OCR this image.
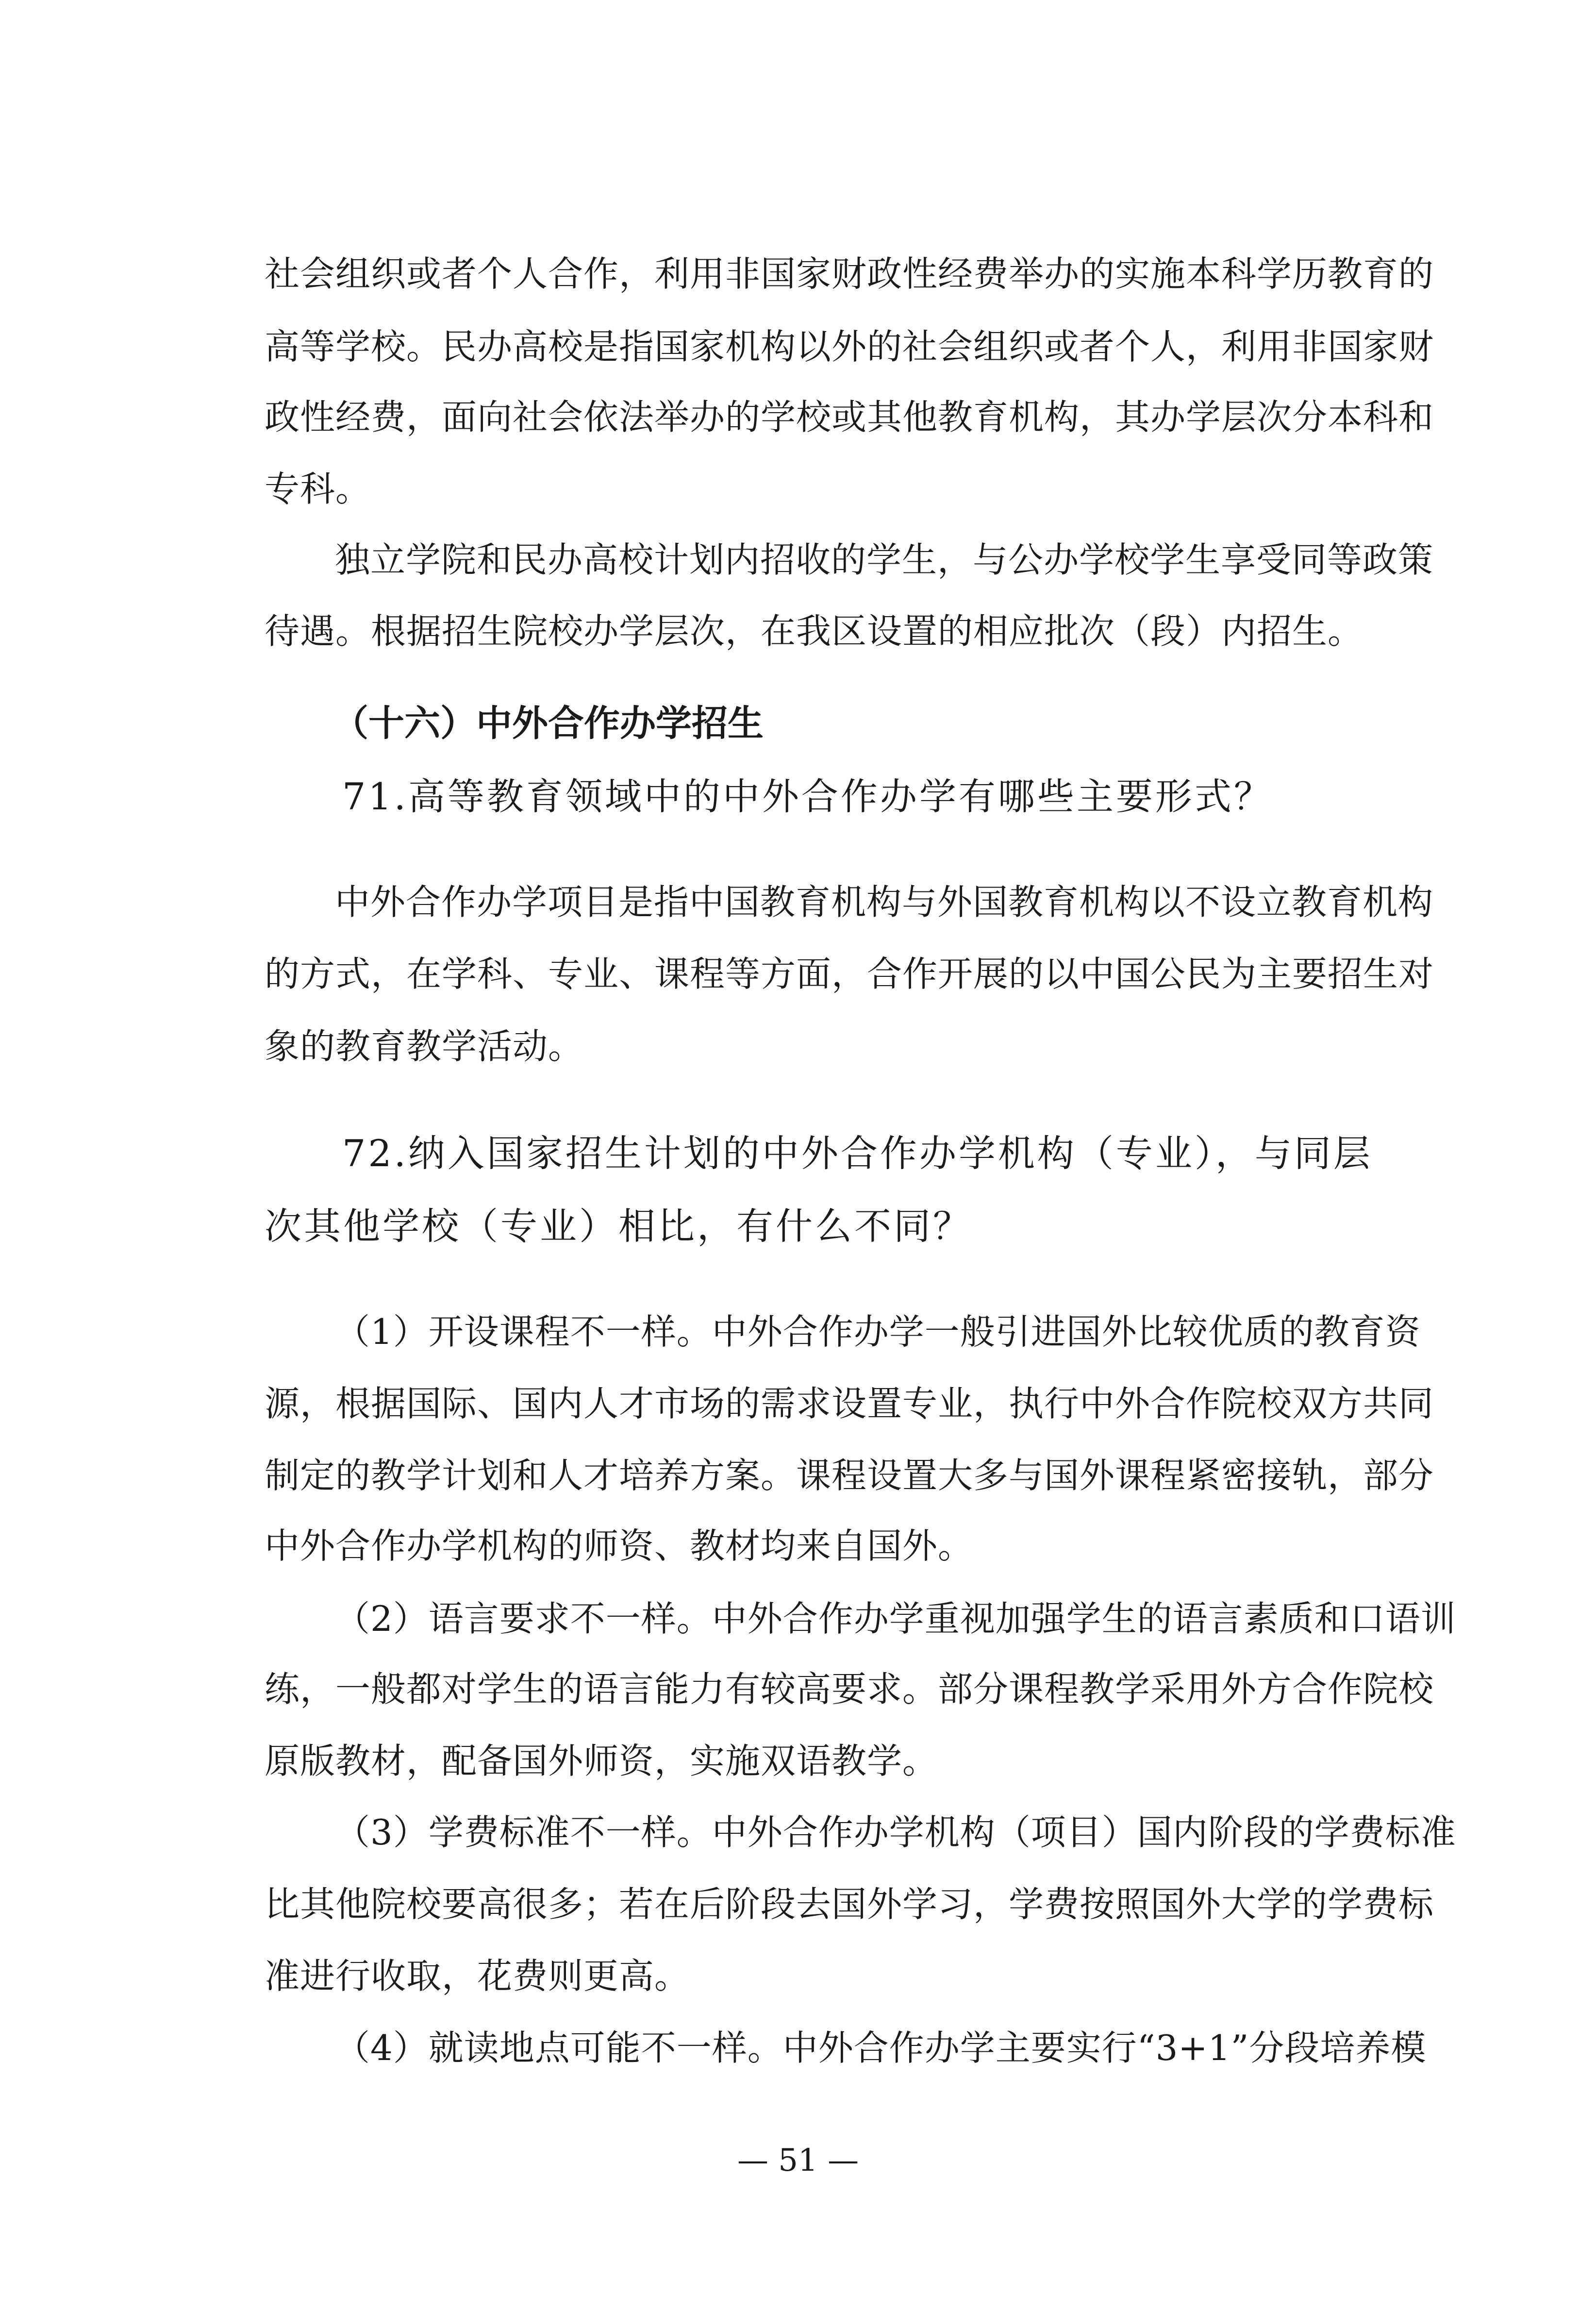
社会组织或者个人合作，利用非国家财政性经费举办的实施本科学历教育的

高等学校。民办高校是指国家机构以外的社会组织或者个人，利用非国家财

政性经费，面向社会依法举办的学校或其他教育机构，其办学层次分本科和

专科。

独立学院和民办高校计划内招收的学生，与公办学校学生享受同等政策

待遇。根据招生院校办学层次，在我区设置的相应批次（段）内招生。

（十六）中外合作办学招生
71.高等教育领域中的中外合作办学有哪些主要形式？

中外合作办学项目是指中国教育机构与外国教育机构以不设立教育机构

的方式，在学科、专业、课程等方面，合作开展的以中国公民为主要招生对

象的教育教学活动。

72.纳入国家招生计划的中外合作办学机构（专业），与同层
次其他学校（专业）相比，有什么不同？

（1）开设课程不一样。中外合作办学一般引进国外比较优质的教育资

源，根据国际、国内人才市场的需求设置专业，执行中外合作院校双方共同

制定的教学计划和人才培养方案。课程设置大多与国外课程紧密接轨，部分

中外合作办学机构的师资、教材均来自国外。

（2）语言要求不一样。中外合作办学重视加强学生的语言素质和口语训

练，一般都对学生的语言能力有较高要求。部分课程教学采用外方合作院校

原版教材，配备国外师资，实施双语教学。

（3）学费标准不一样。中外合作办学机构（项目）国内阶段的学费标准

比其他院校要高很多；若在后阶段去国外学习，学费按照国外大学的学费标

准进行收取，花费则更高。

（4）就读地点可能不一样。中外合作办学主要实行“3+1”分段培养模

— 51 —
